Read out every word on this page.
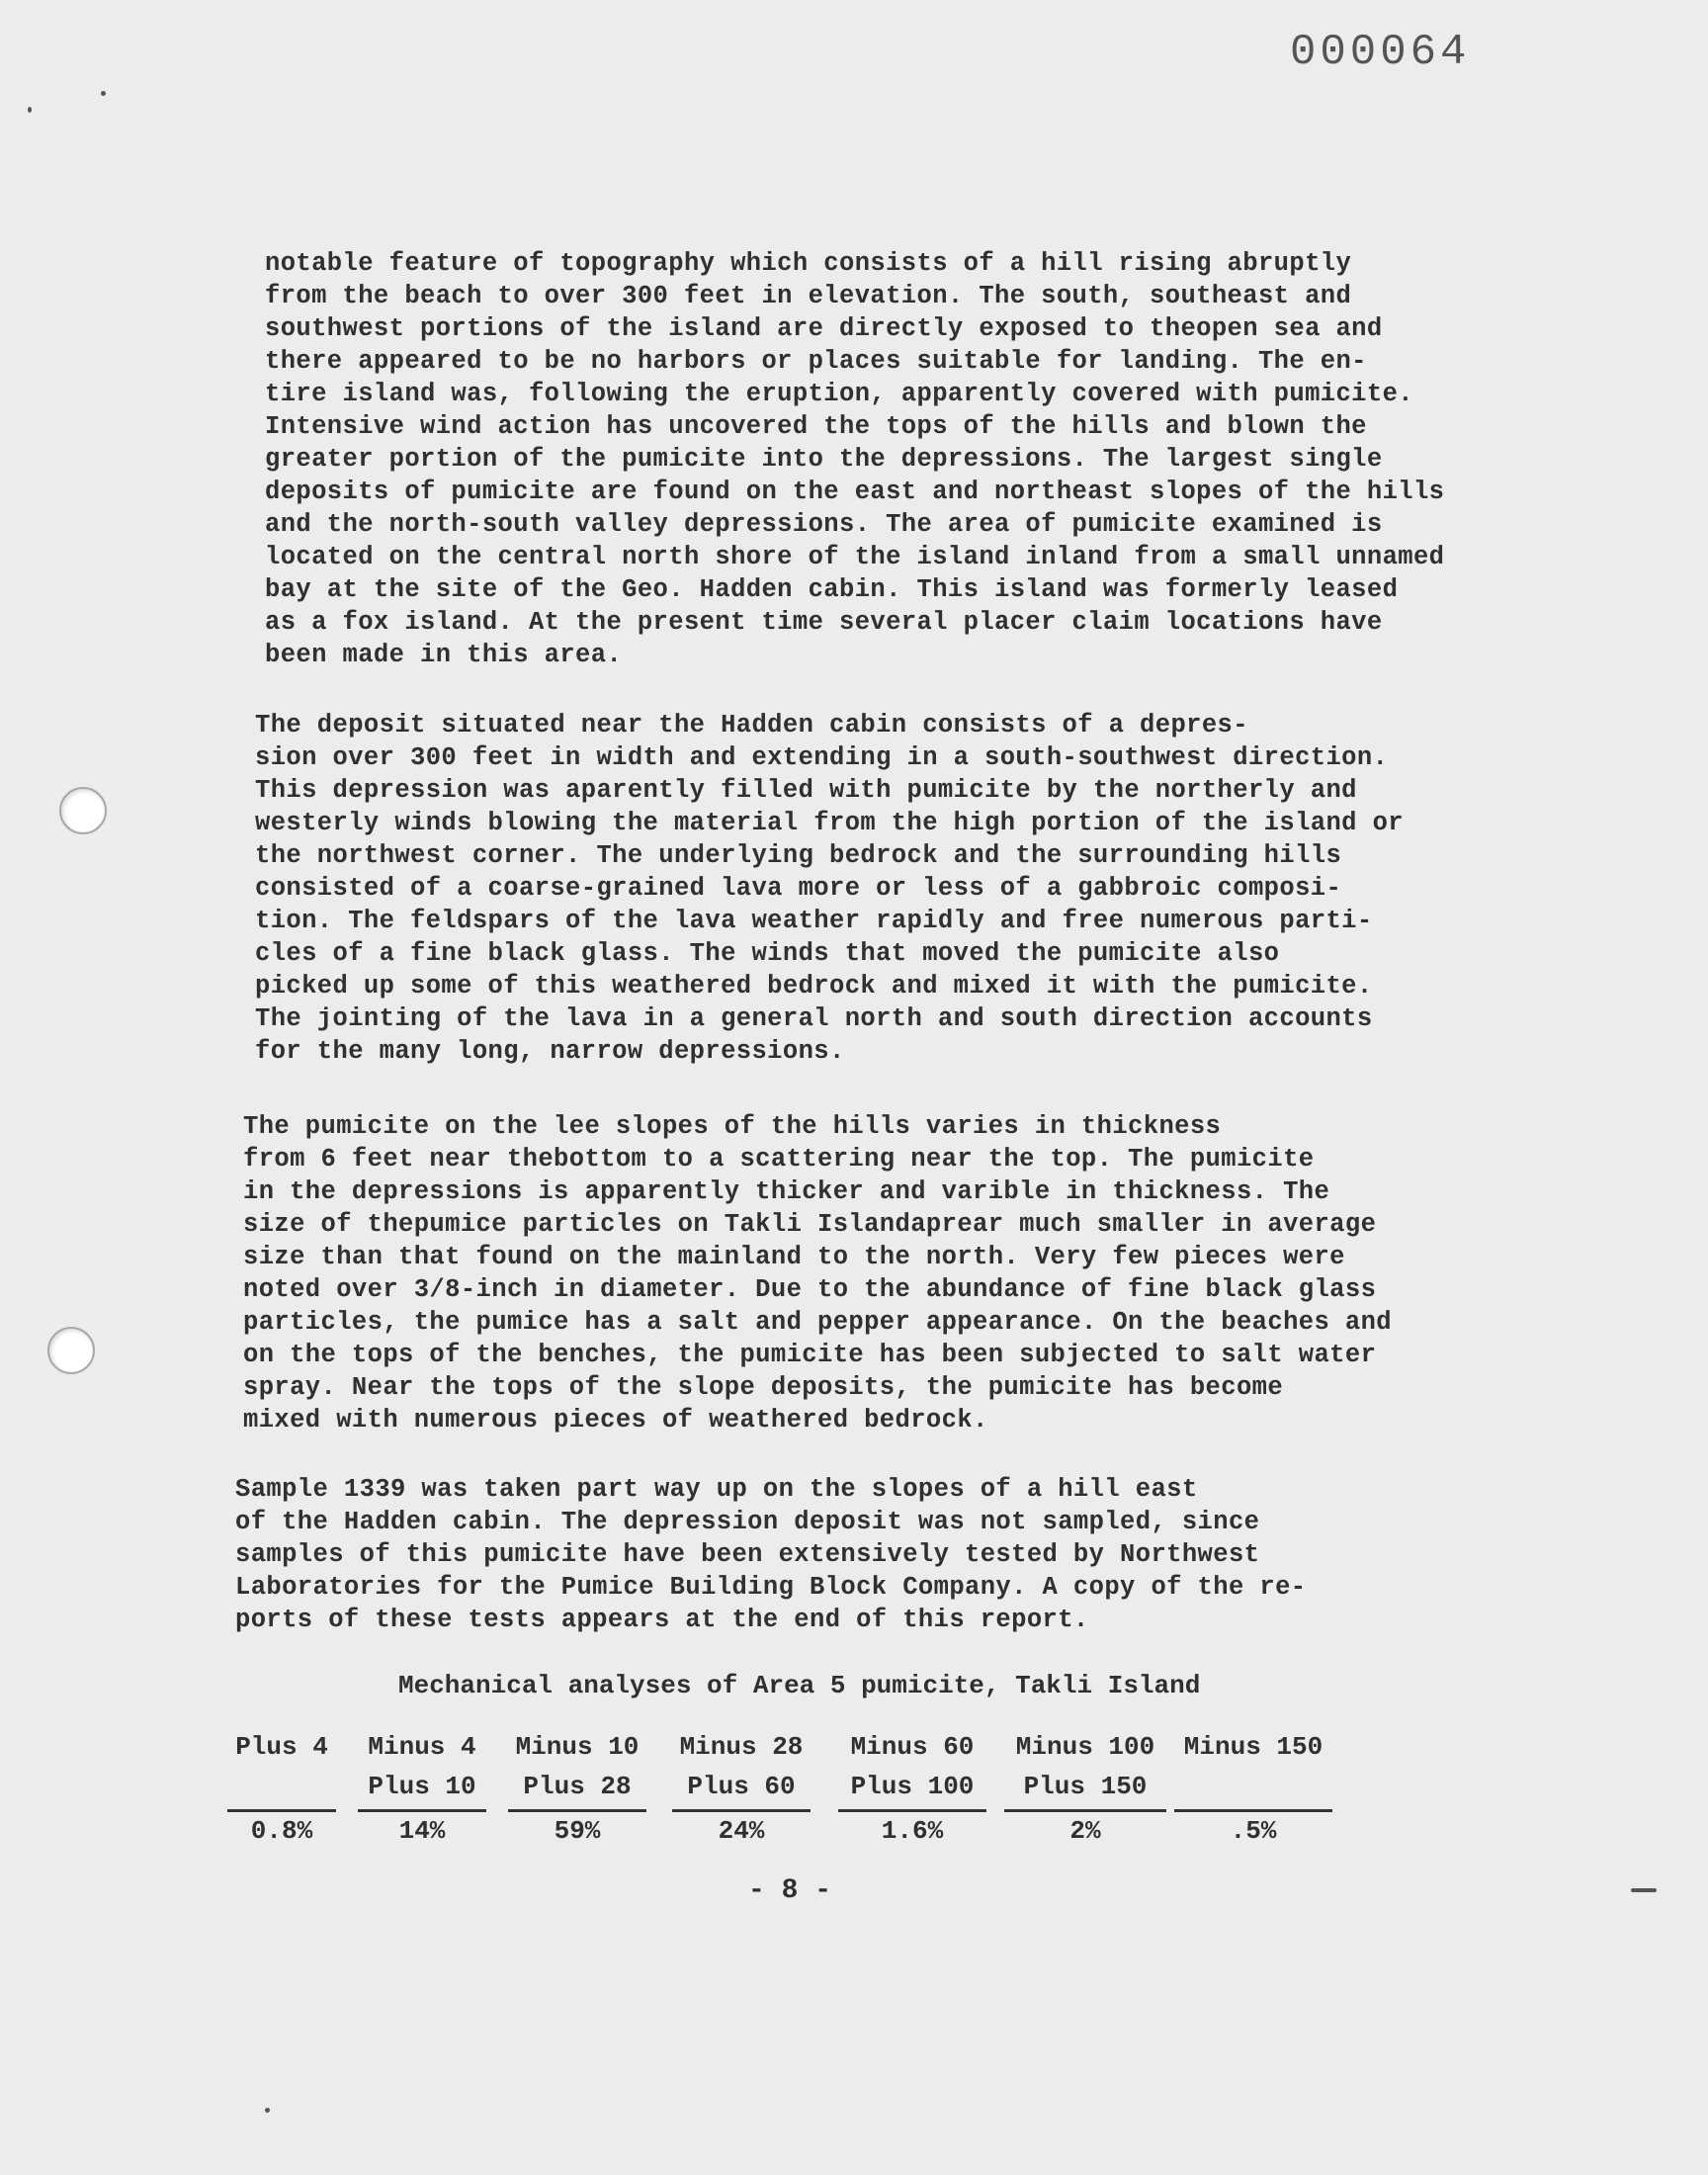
000064

notable feature of topography which consists of a hill rising abruptly
from the beach to over 300 feet in elevation. The south, southeast and
southwest portions of the island are directly exposed to theopen sea and
there appeared to be no harbors or places suitable for landing. The en-
tire island was, following the eruption, apparently covered with pumicite.
Intensive wind action has uncovered the tops of the hills and blown the
greater portion of the pumicite into the depressions. The largest single
deposits of pumicite are found on the east and northeast slopes of the hills
and the north-south valley depressions. The area of pumicite examined is
located on the central north shore of the island inland from a small unnamed
bay at the site of the Geo. Hadden cabin. This island was formerly leased
as a fox island. At the present time several placer claim locations have
been made in this area.

The deposit situated near the Hadden cabin consists of a depres-
sion over 300 feet in width and extending in a south-southwest direction.
This depression was aparently filled with pumicite by the northerly and
westerly winds blowing the material from the high portion of the island or
the northwest corner. The underlying bedrock and the surrounding hills
consisted of a coarse-grained lava more or less of a gabbroic composi-
tion. The feldspars of the lava weather rapidly and free numerous parti-
cles of a fine black glass. The winds that moved the pumicite also
picked up some of this weathered bedrock and mixed it with the pumicite.
The jointing of the lava in a general north and south direction accounts
for the many long, narrow depressions.

The pumicite on the lee slopes of the hills varies in thickness
from 6 feet near thebottom to a scattering near the top. The pumicite
in the depressions is apparently thicker and varible in thickness. The
size of thepumice particles on Takli Islandaprear much smaller in average
size than that found on the mainland to the north. Very few pieces were
noted over 3/8-inch in diameter. Due to the abundance of fine black glass
particles, the pumice has a salt and pepper appearance. On the beaches and
on the tops of the benches, the pumicite has been subjected to salt water
spray. Near the tops of the slope deposits, the pumicite has become
mixed with numerous pieces of weathered bedrock.

Sample 1339 was taken part way up on the slopes of a hill east
of the Hadden cabin. The depression deposit was not sampled, since
samples of this pumicite have been extensively tested by Northwest
Laboratories for the Pumice Building Block Company. A copy of the re-
ports of these tests appears at the end of this report.

Mechanical analyses of Area 5 pumicite, Takli Island
Plus 4
0.8%
Minus 4
Plus 10
14%
Minus 10
Plus 28
59%
Minus 28
Plus 60
24%
Minus 60
Plus 100
1.6%
Minus 100
Plus 150
2%
Minus 150
.5%
- 8 -
